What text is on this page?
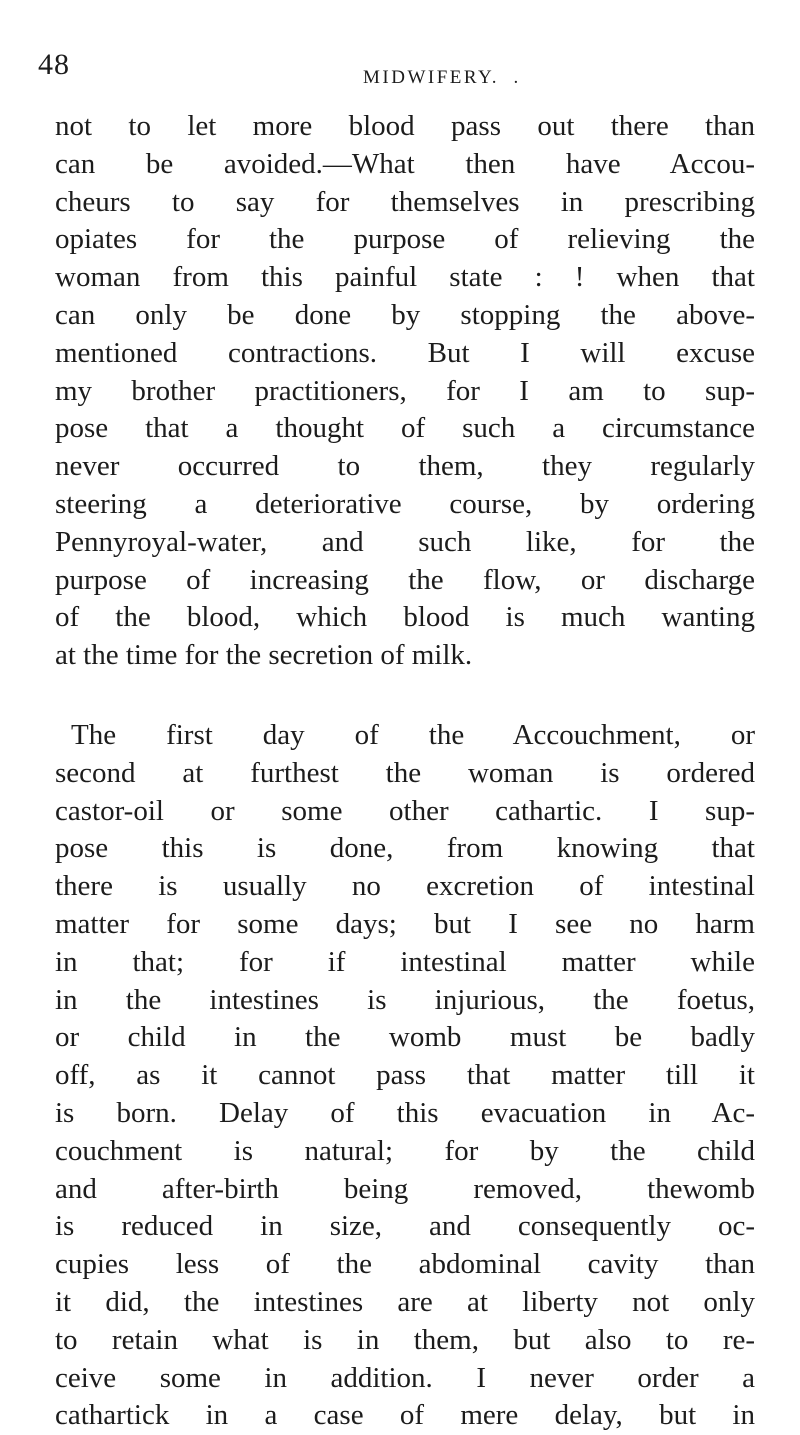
48	MIDWIFERY.  .
not to let more blood pass out there than
can be avoided.—What then have Accou-
cheurs to say for themselves in prescribing
opiates for the purpose of relieving the
woman from this painful state : ! when that
can only be done by stopping the above-
mentioned contractions. But I will excuse
my brother practitioners, for I am to sup-
pose that a thought of such a circumstance
never occurred to them, they regularly
steering a deteriorative course, by ordering
Pennyroyal-water, and such like, for the
purpose of increasing the flow, or discharge
of the blood, which blood is much wanting
at the time for the secretion of milk.
The first day of the Accouchment, or
second at furthest the woman is ordered
castor-oil or some other cathartic. I sup-
pose this is done, from knowing that
there is usually no excretion of intestinal
matter for some days; but I see no harm
in that; for if intestinal matter while
in the intestines is injurious, the foetus,
or child in the womb must be badly
off, as it cannot pass that matter till it
is born. Delay of this evacuation in Ac-
couchment is natural; for by the child
and after-birth being removed, thewomb
is reduced in size, and consequently oc-
cupies less of the abdominal cavity than
it did, the intestines are at liberty not only
to retain what is in them, but also to re-
ceive some in addition. I never order a
cathartick in a case of mere delay, but in
